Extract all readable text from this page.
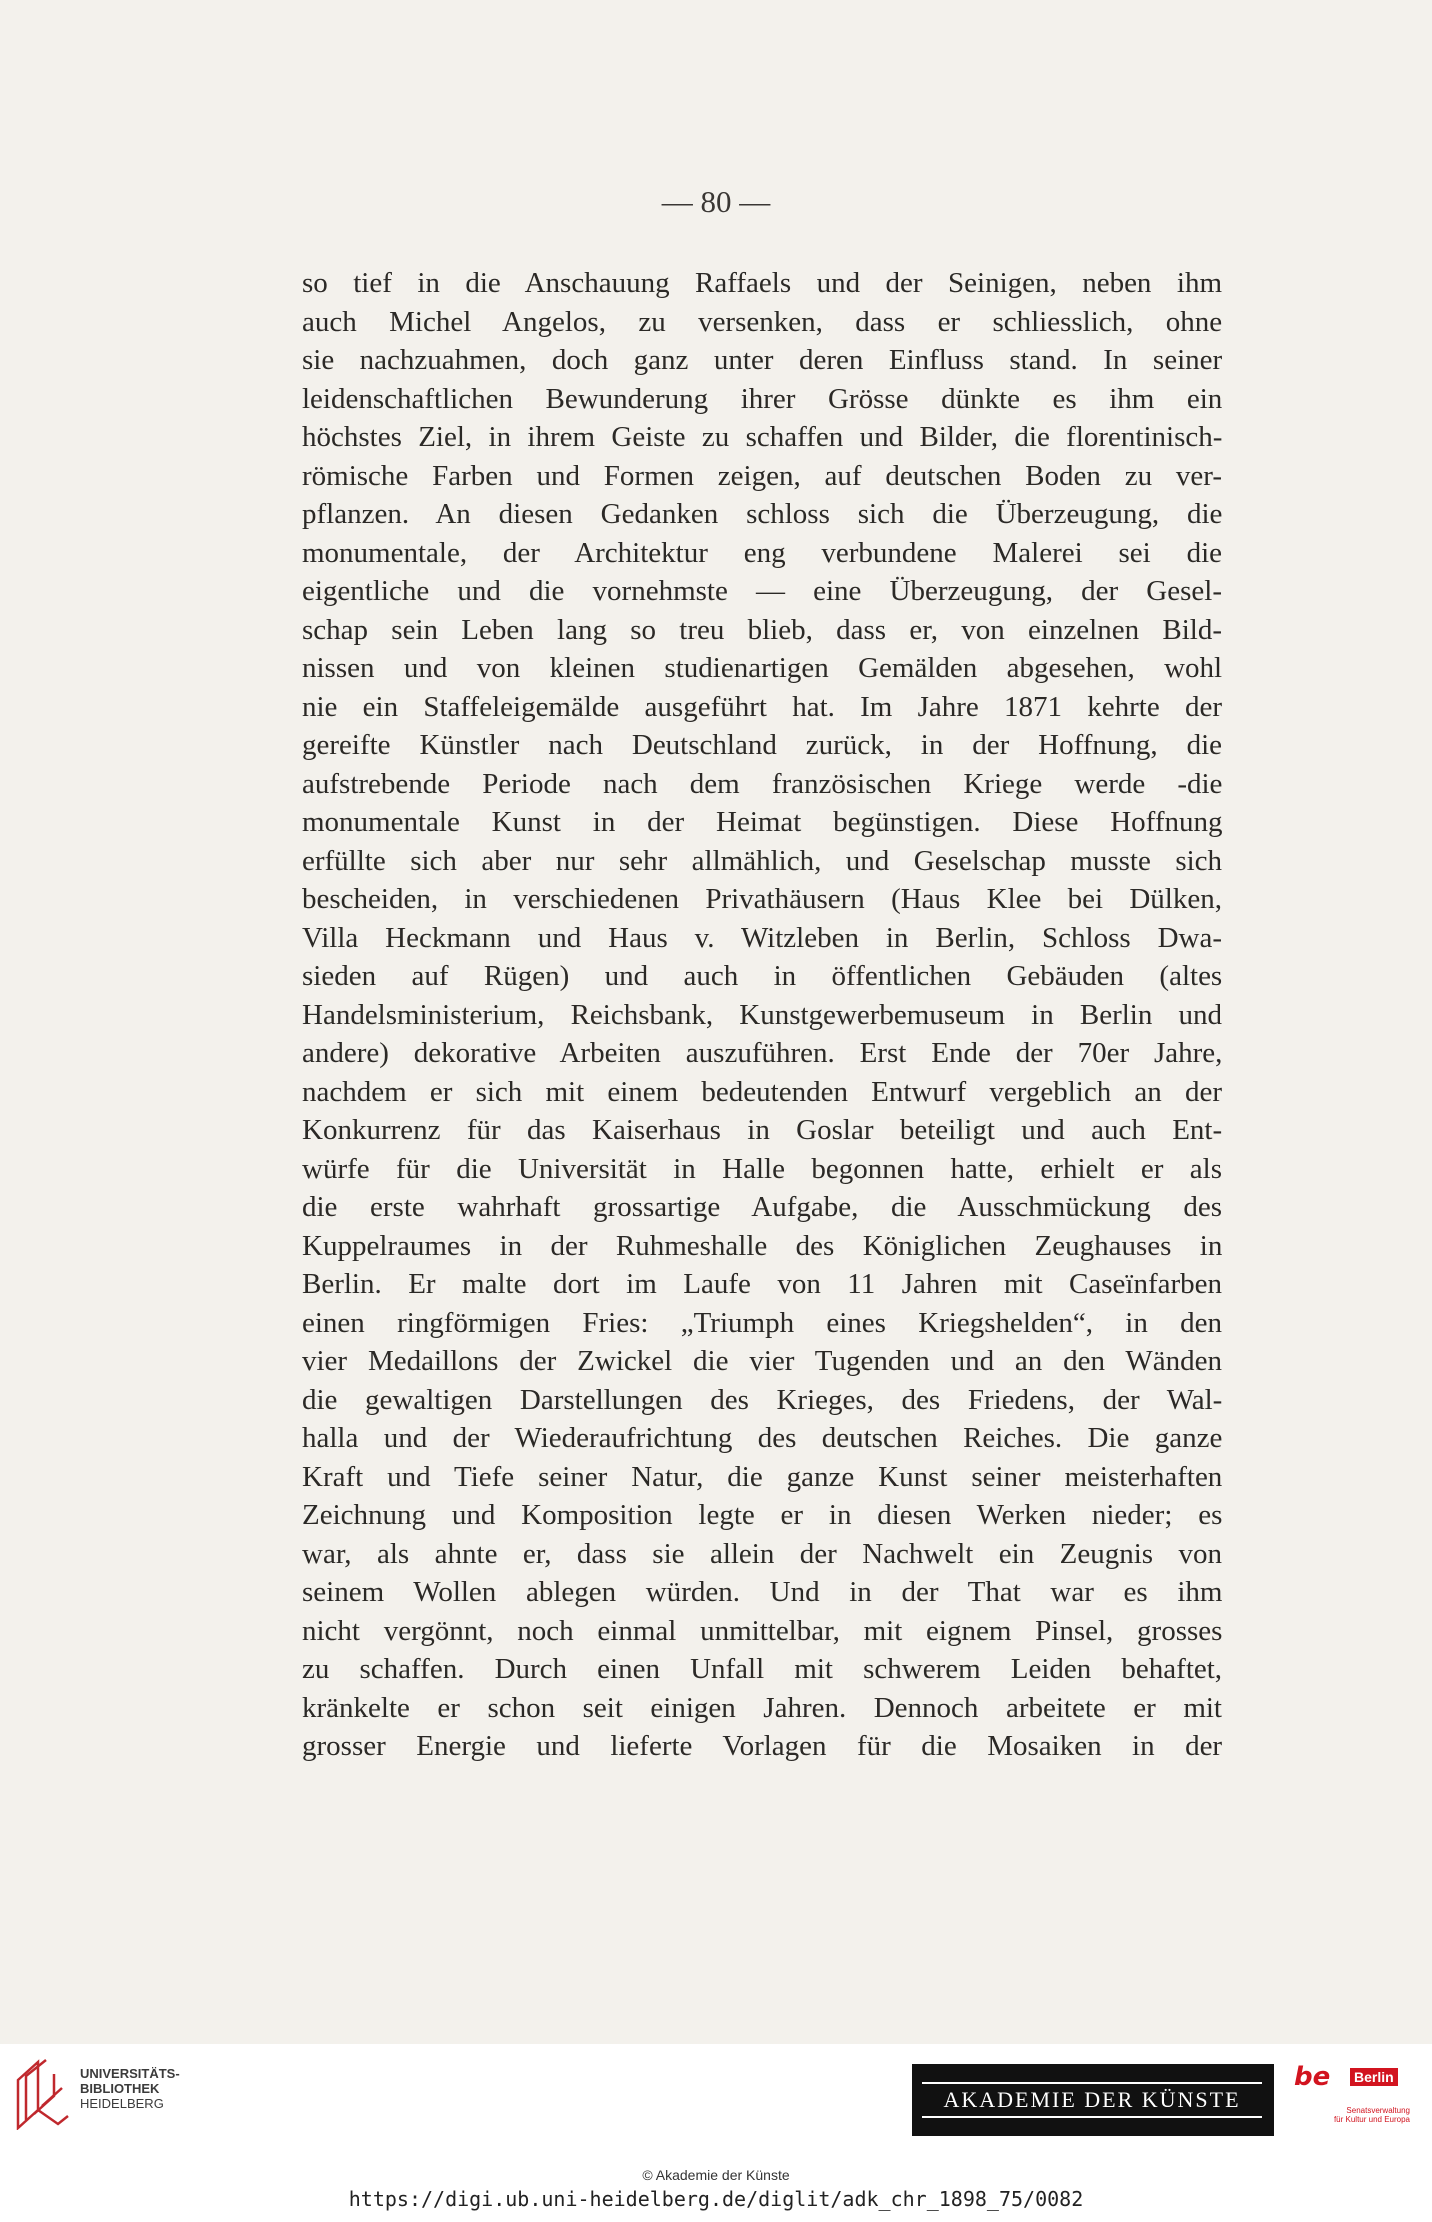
— 80 —
so tief in die Anschauung Raffaels und der Seinigen, neben ihm
auch Michel Angelos, zu versenken, dass er schliesslich, ohne
sie nachzuahmen, doch ganz unter deren Einfluss stand. In seiner
leidenschaftlichen Bewunderung ihrer Grösse dünkte es ihm ein
höchstes Ziel, in ihrem Geiste zu schaffen und Bilder, die florentinisch-
römische Farben und Formen zeigen, auf deutschen Boden zu ver-
pflanzen. An diesen Gedanken schloss sich die Überzeugung, die
monumentale, der Architektur eng verbundene Malerei sei die
eigentliche und die vornehmste — eine Überzeugung, der Gesel-
schap sein Leben lang so treu blieb, dass er, von einzelnen Bild-
nissen und von kleinen studienartigen Gemälden abgesehen, wohl
nie ein Staffeleigemälde ausgeführt hat. Im Jahre 1871 kehrte der
gereifte Künstler nach Deutschland zurück, in der Hoffnung, die
aufstrebende Periode nach dem französischen Kriege werde -die
monumentale Kunst in der Heimat begünstigen. Diese Hoffnung
erfüllte sich aber nur sehr allmählich, und Geselschap musste sich
bescheiden, in verschiedenen Privathäusern (Haus Klee bei Dülken,
Villa Heckmann und Haus v. Witzleben in Berlin, Schloss Dwa-
sieden auf Rügen) und auch in öffentlichen Gebäuden (altes
Handelsministerium, Reichsbank, Kunstgewerbemuseum in Berlin und
andere) dekorative Arbeiten auszuführen. Erst Ende der 70er Jahre,
nachdem er sich mit einem bedeutenden Entwurf vergeblich an der
Konkurrenz für das Kaiserhaus in Goslar beteiligt und auch Ent-
würfe für die Universität in Halle begonnen hatte, erhielt er als
die erste wahrhaft grossartige Aufgabe, die Ausschmückung des
Kuppelraumes in der Ruhmeshalle des Königlichen Zeughauses in
Berlin. Er malte dort im Laufe von 11 Jahren mit Caseïnfarben
einen ringförmigen Fries: „Triumph eines Kriegshelden“, in den
vier Medaillons der Zwickel die vier Tugenden und an den Wänden
die gewaltigen Darstellungen des Krieges, des Friedens, der Wal-
halla und der Wiederaufrichtung des deutschen Reiches. Die ganze
Kraft und Tiefe seiner Natur, die ganze Kunst seiner meisterhaften
Zeichnung und Komposition legte er in diesen Werken nieder; es
war, als ahnte er, dass sie allein der Nachwelt ein Zeugnis von
seinem Wollen ablegen würden. Und in der That war es ihm
nicht vergönnt, noch einmal unmittelbar, mit eignem Pinsel, grosses
zu schaffen. Durch einen Unfall mit schwerem Leiden behaftet,
kränkelte er schon seit einigen Jahren. Dennoch arbeitete er mit
grosser Energie und lieferte Vorlagen für die Mosaiken in der
UNIVERSITÄTS-
BIBLIOTHEK
HEIDELBERG	AKADEMIE DER KÜNSTE
be Berlin
Senatsverwaltung
für Kultur und Europa
© Akademie der Künste
https://digi.ub.uni-heidelberg.de/diglit/adk_chr_1898_75/0082
